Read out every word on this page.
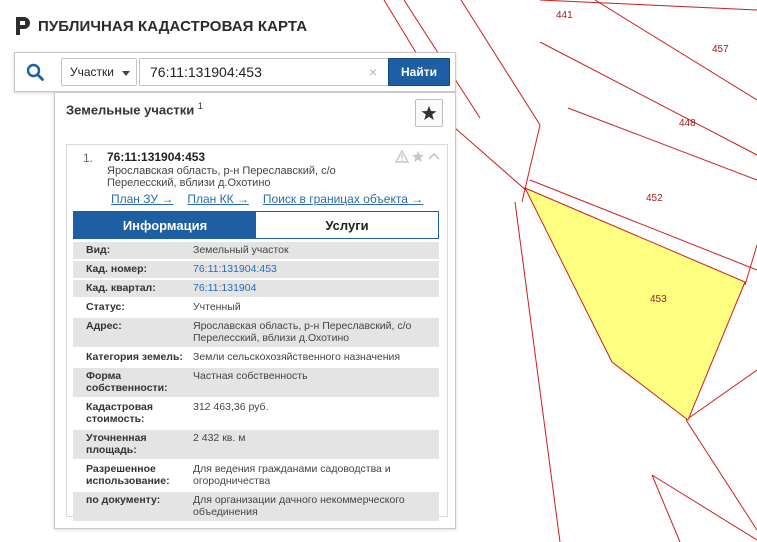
441
457
448
452
453
ПУБЛИЧНАЯ КАДАСТРОВАЯ КАРТА
Участки
76:11:131904:453	×	Найти
Земельные участки $^1$
1. 76:11:131904:453
Ярославская область, р-н Переславский, с/о Перелесский, вблизи д.Охотино
План ЗУ → План КК → Поиск в границах объекта →
Информация	Услуги
Вид:	Земельный участок
Кад. номер:	76:11:131904:453
Кад. квартал:	76:11:131904
Статус:	Учтенный
Адрес:	Ярославская область, р-н Переславский, с/о Перелесский, вблизи д.Охотино
Категория земель: Земли сельскохозяйственного назначения
Форма собственности:
Частная собственность
Кадастровая стоимость:
312 463,36 руб.
Уточненная площадь:
2 432 кв. м
Разрешенное использование:
Для ведения гражданами садоводства и огородничества
по документу:	Для организации дачного некоммерческого объединения
